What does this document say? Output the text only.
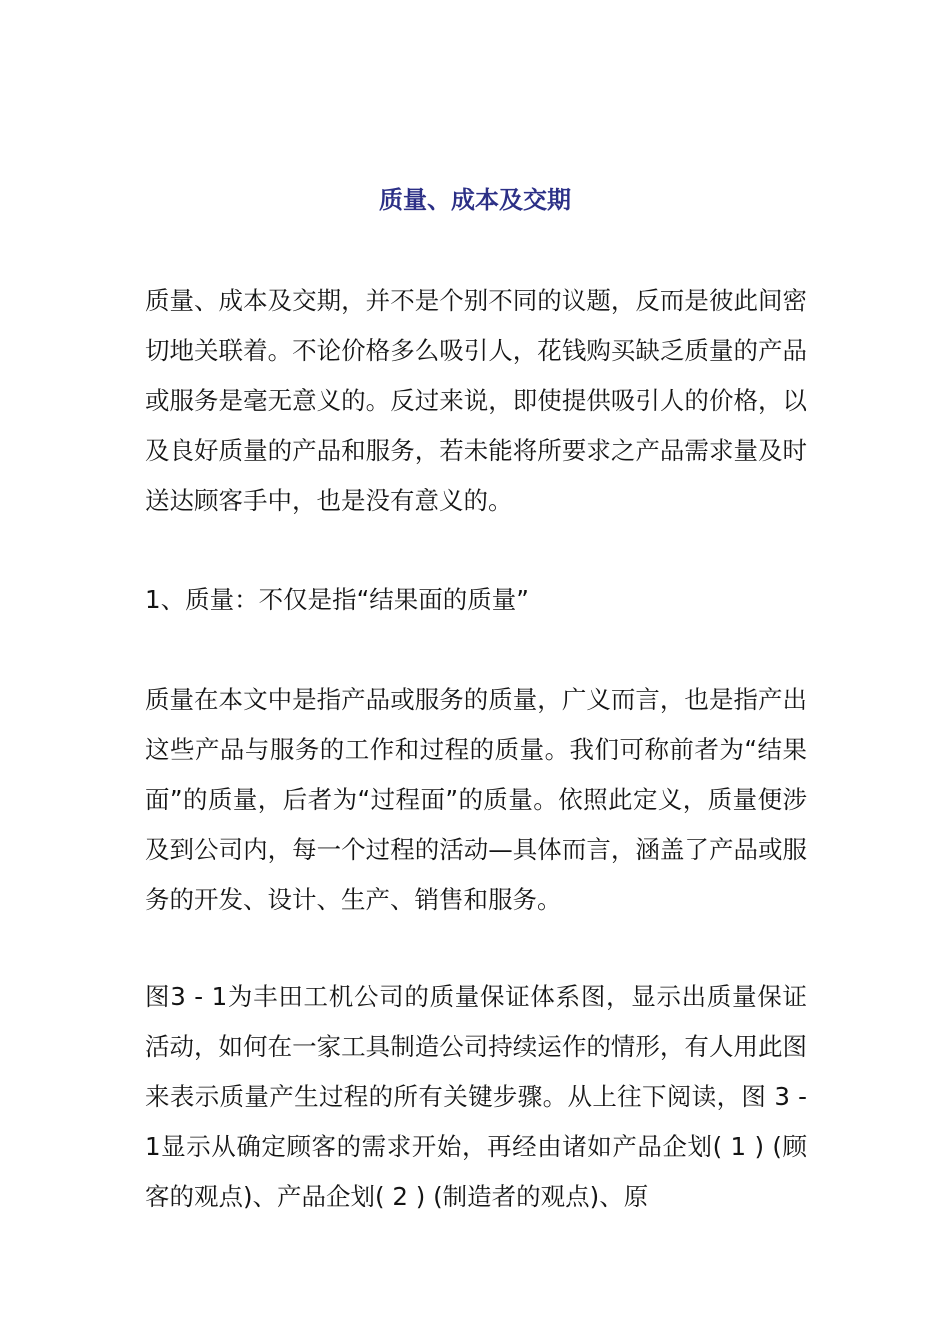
质量、成本及交期
质量、成本及交期，并不是个别不同的议题，反而是彼此间密切地关联着。不论价格多么吸引人，花钱购买缺乏质量的产品或服务是毫无意义的。反过来说，即使提供吸引人的价格，以及良好质量的产品和服务，若未能将所要求之产品需求量及时送达顾客手中，也是没有意义的。
1、质量：不仅是指“结果面的质量”
质量在本文中是指产品或服务的质量，广义而言，也是指产出这些产品与服务的工作和过程的质量。我们可称前者为“结果面”的质量，后者为“过程面”的质量。依照此定义，质量便涉及到公司内，每一个过程的活动—具体而言，涵盖了产品或服务的开发、设计、生产、销售和服务。
图3 - 1为丰田工机公司的质量保证体系图，显示出质量保证活动，如何在一家工具制造公司持续运作的情形，有人用此图来表示质量产生过程的所有关键步骤。从上往下阅读，图 3 - 1显示从确定顾客的需求开始，再经由诸如产品企划( 1 ) (顾客的观点)、产品企划( 2 ) (制造者的观点)、原
